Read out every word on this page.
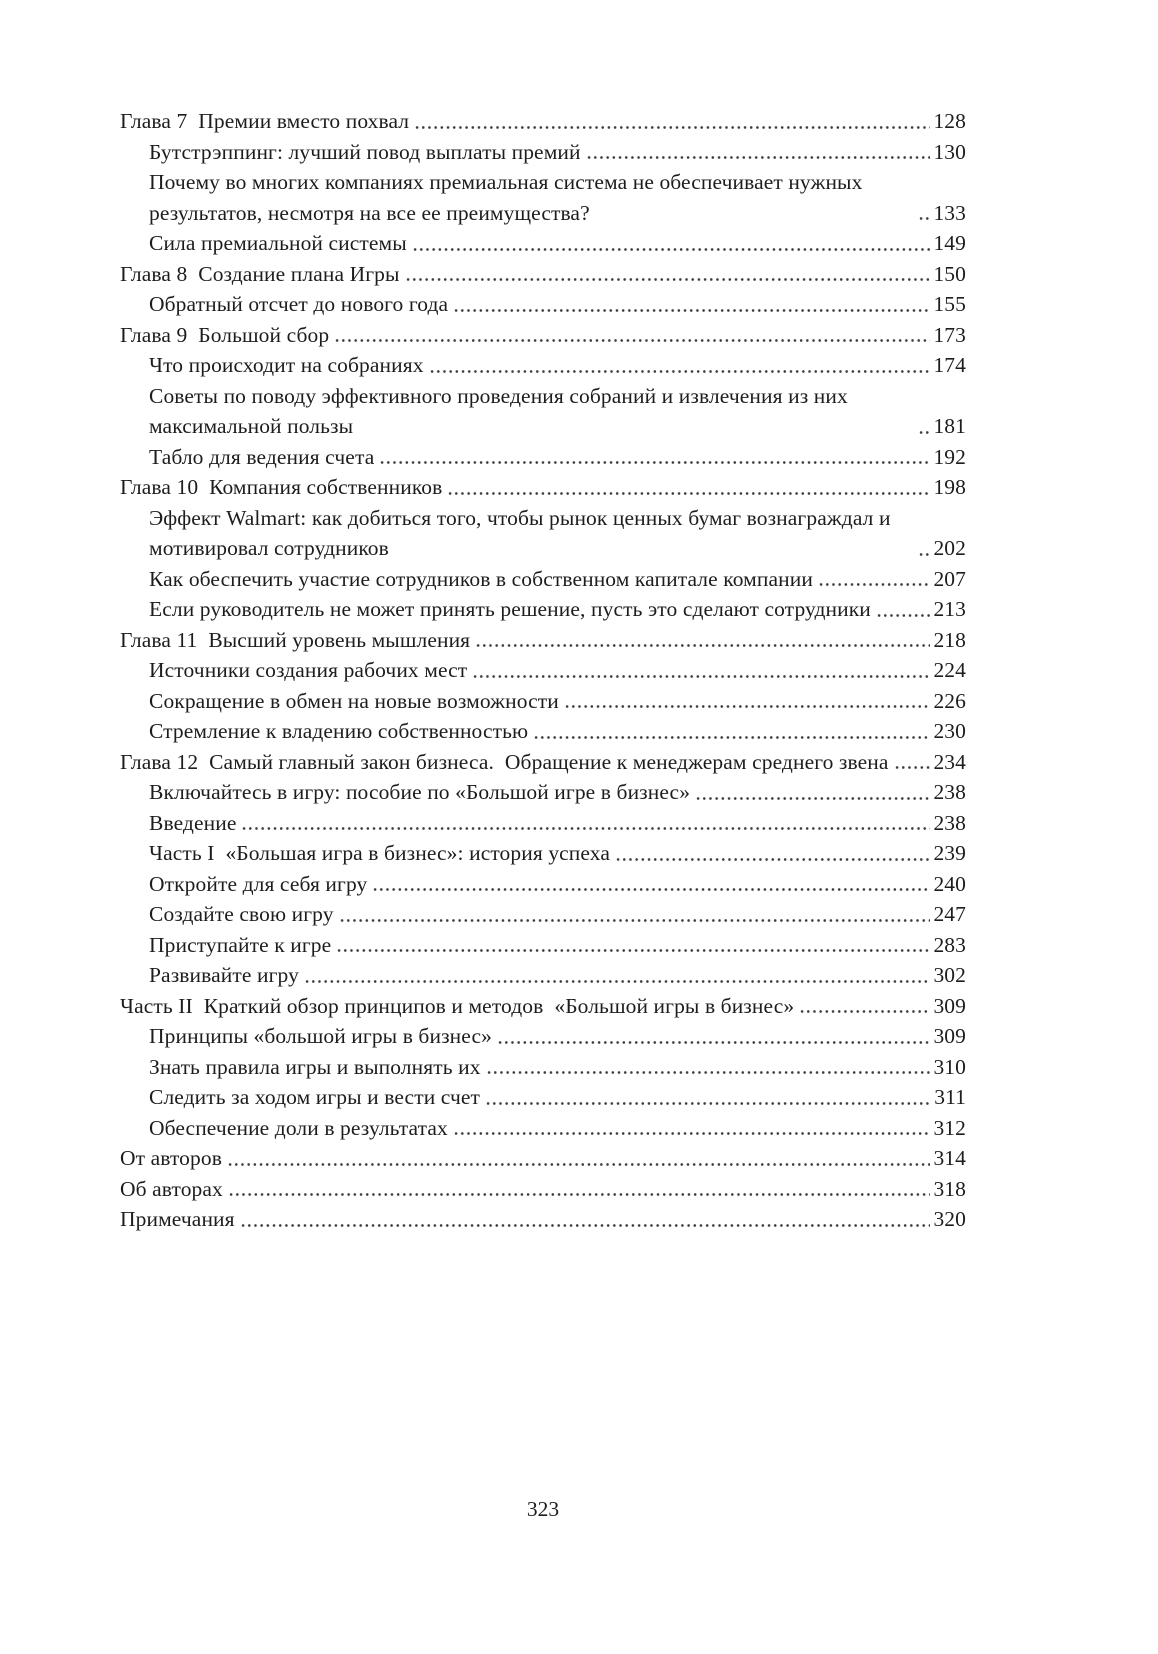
Глава 7  Премии вместо похвал	128
Бутстрэппинг: лучший повод выплаты премий	130
Почему во многих компаниях премиальная система не обеспечивает нужных результатов, несмотря на все ее преимущества?	133
Сила премиальной системы	149
Глава 8  Создание плана Игры	150
Обратный отсчет до нового года	155
Глава 9  Большой сбор	173
Что происходит на собраниях	174
Советы по поводу эффективного проведения собраний и извлечения из них максимальной пользы	181
Табло для ведения счета	192
Глава 10  Компания собственников	198
Эффект Walmart: как добиться того, чтобы рынок ценных бумаг вознаграждал и мотивировал сотрудников	202
Как обеспечить участие сотрудников в собственном капитале компании	207
Если руководитель не может принять решение, пусть это сделают сотрудники	213
Глава 11  Высший уровень мышления	218
Источники создания рабочих мест	224
Сокращение в обмен на новые возможности	226
Стремление к владению собственностью	230
Глава 12  Самый главный закон бизнеса.  Обращение к менеджерам среднего звена 234
Включайтесь в игру: пособие по «Большой игре в бизнес»	238
Введение	238
Часть I  «Большая игра в бизнес»: история успеха	239
Откройте для себя игру	240
Создайте свою игру	247
Приступайте к игре	283
Развивайте игру	302
Часть II  Краткий обзор принципов и методов  «Большой игры в бизнес»	309
Принципы «большой игры в бизнес»	309
Знать правила игры и выполнять их	310
Следить за ходом игры и вести счет	311
Обеспечение доли в результатах	312
От авторов	314
Об авторах	318
Примечания	320
323
